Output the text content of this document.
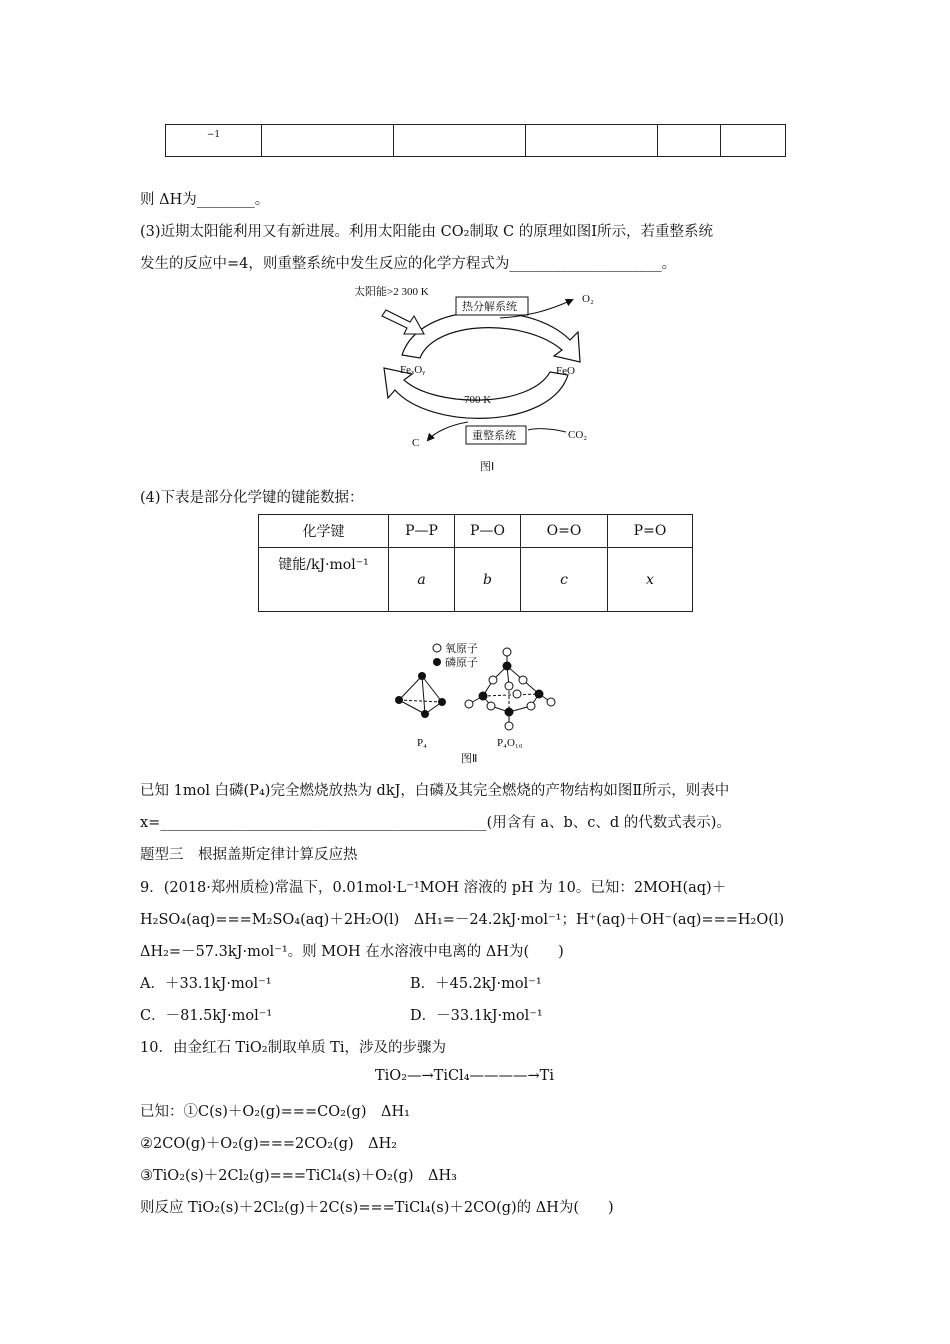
−1					
则 ΔH为________。
(3)近期太阳能利用又有新进展。利用太阳能由 CO₂制取 C 的原理如图Ⅰ所示，若重整系统
发生的反应中=4，则重整系统中发生反应的化学方程式为_____________________。
太阳能>2 300 K
热分解系统
O₂
FeₓOᵧ	FeO
700 K
重整系统
C
CO₂
图Ⅰ
(4)下表是部分化学键的键能数据：
化学键	P—P	P—O	O=O	P=O
键能/kJ·mol⁻¹	a	b	c	x
氧原子
磷原子
P₄	P₄O₁₀
图Ⅱ
已知 1mol 白磷(P₄)完全燃烧放热为 dkJ，白磷及其完全燃烧的产物结构如图Ⅱ所示，则表中
x=_____________________________________________(用含有 a、b、c、d 的代数式表示)。
题型三　根据盖斯定律计算反应热
9．(2018·郑州质检)常温下，0.01mol·L⁻¹MOH 溶液的 pH 为 10。已知：2MOH(aq)＋
H₂SO₄(aq)===M₂SO₄(aq)＋2H₂O(l)　ΔH₁=－24.2kJ·mol⁻¹；H⁺(aq)＋OH⁻(aq)===H₂O(l)
ΔH₂=－57.3kJ·mol⁻¹。则 MOH 在水溶液中电离的 ΔH为(　　)
A．＋33.1kJ·mol⁻¹	B．＋45.2kJ·mol⁻¹
C．－81.5kJ·mol⁻¹	D．－33.1kJ·mol⁻¹
10．由金红石 TiO₂制取单质 Ti，涉及的步骤为
TiO₂—→TiCl₄————→Ti
已知：①C(s)＋O₂(g)===CO₂(g)　ΔH₁
②2CO(g)＋O₂(g)===2CO₂(g)　ΔH₂
③TiO₂(s)＋2Cl₂(g)===TiCl₄(s)＋O₂(g)　ΔH₃
则反应 TiO₂(s)＋2Cl₂(g)＋2C(s)===TiCl₄(s)＋2CO(g)的 ΔH为(　　)
